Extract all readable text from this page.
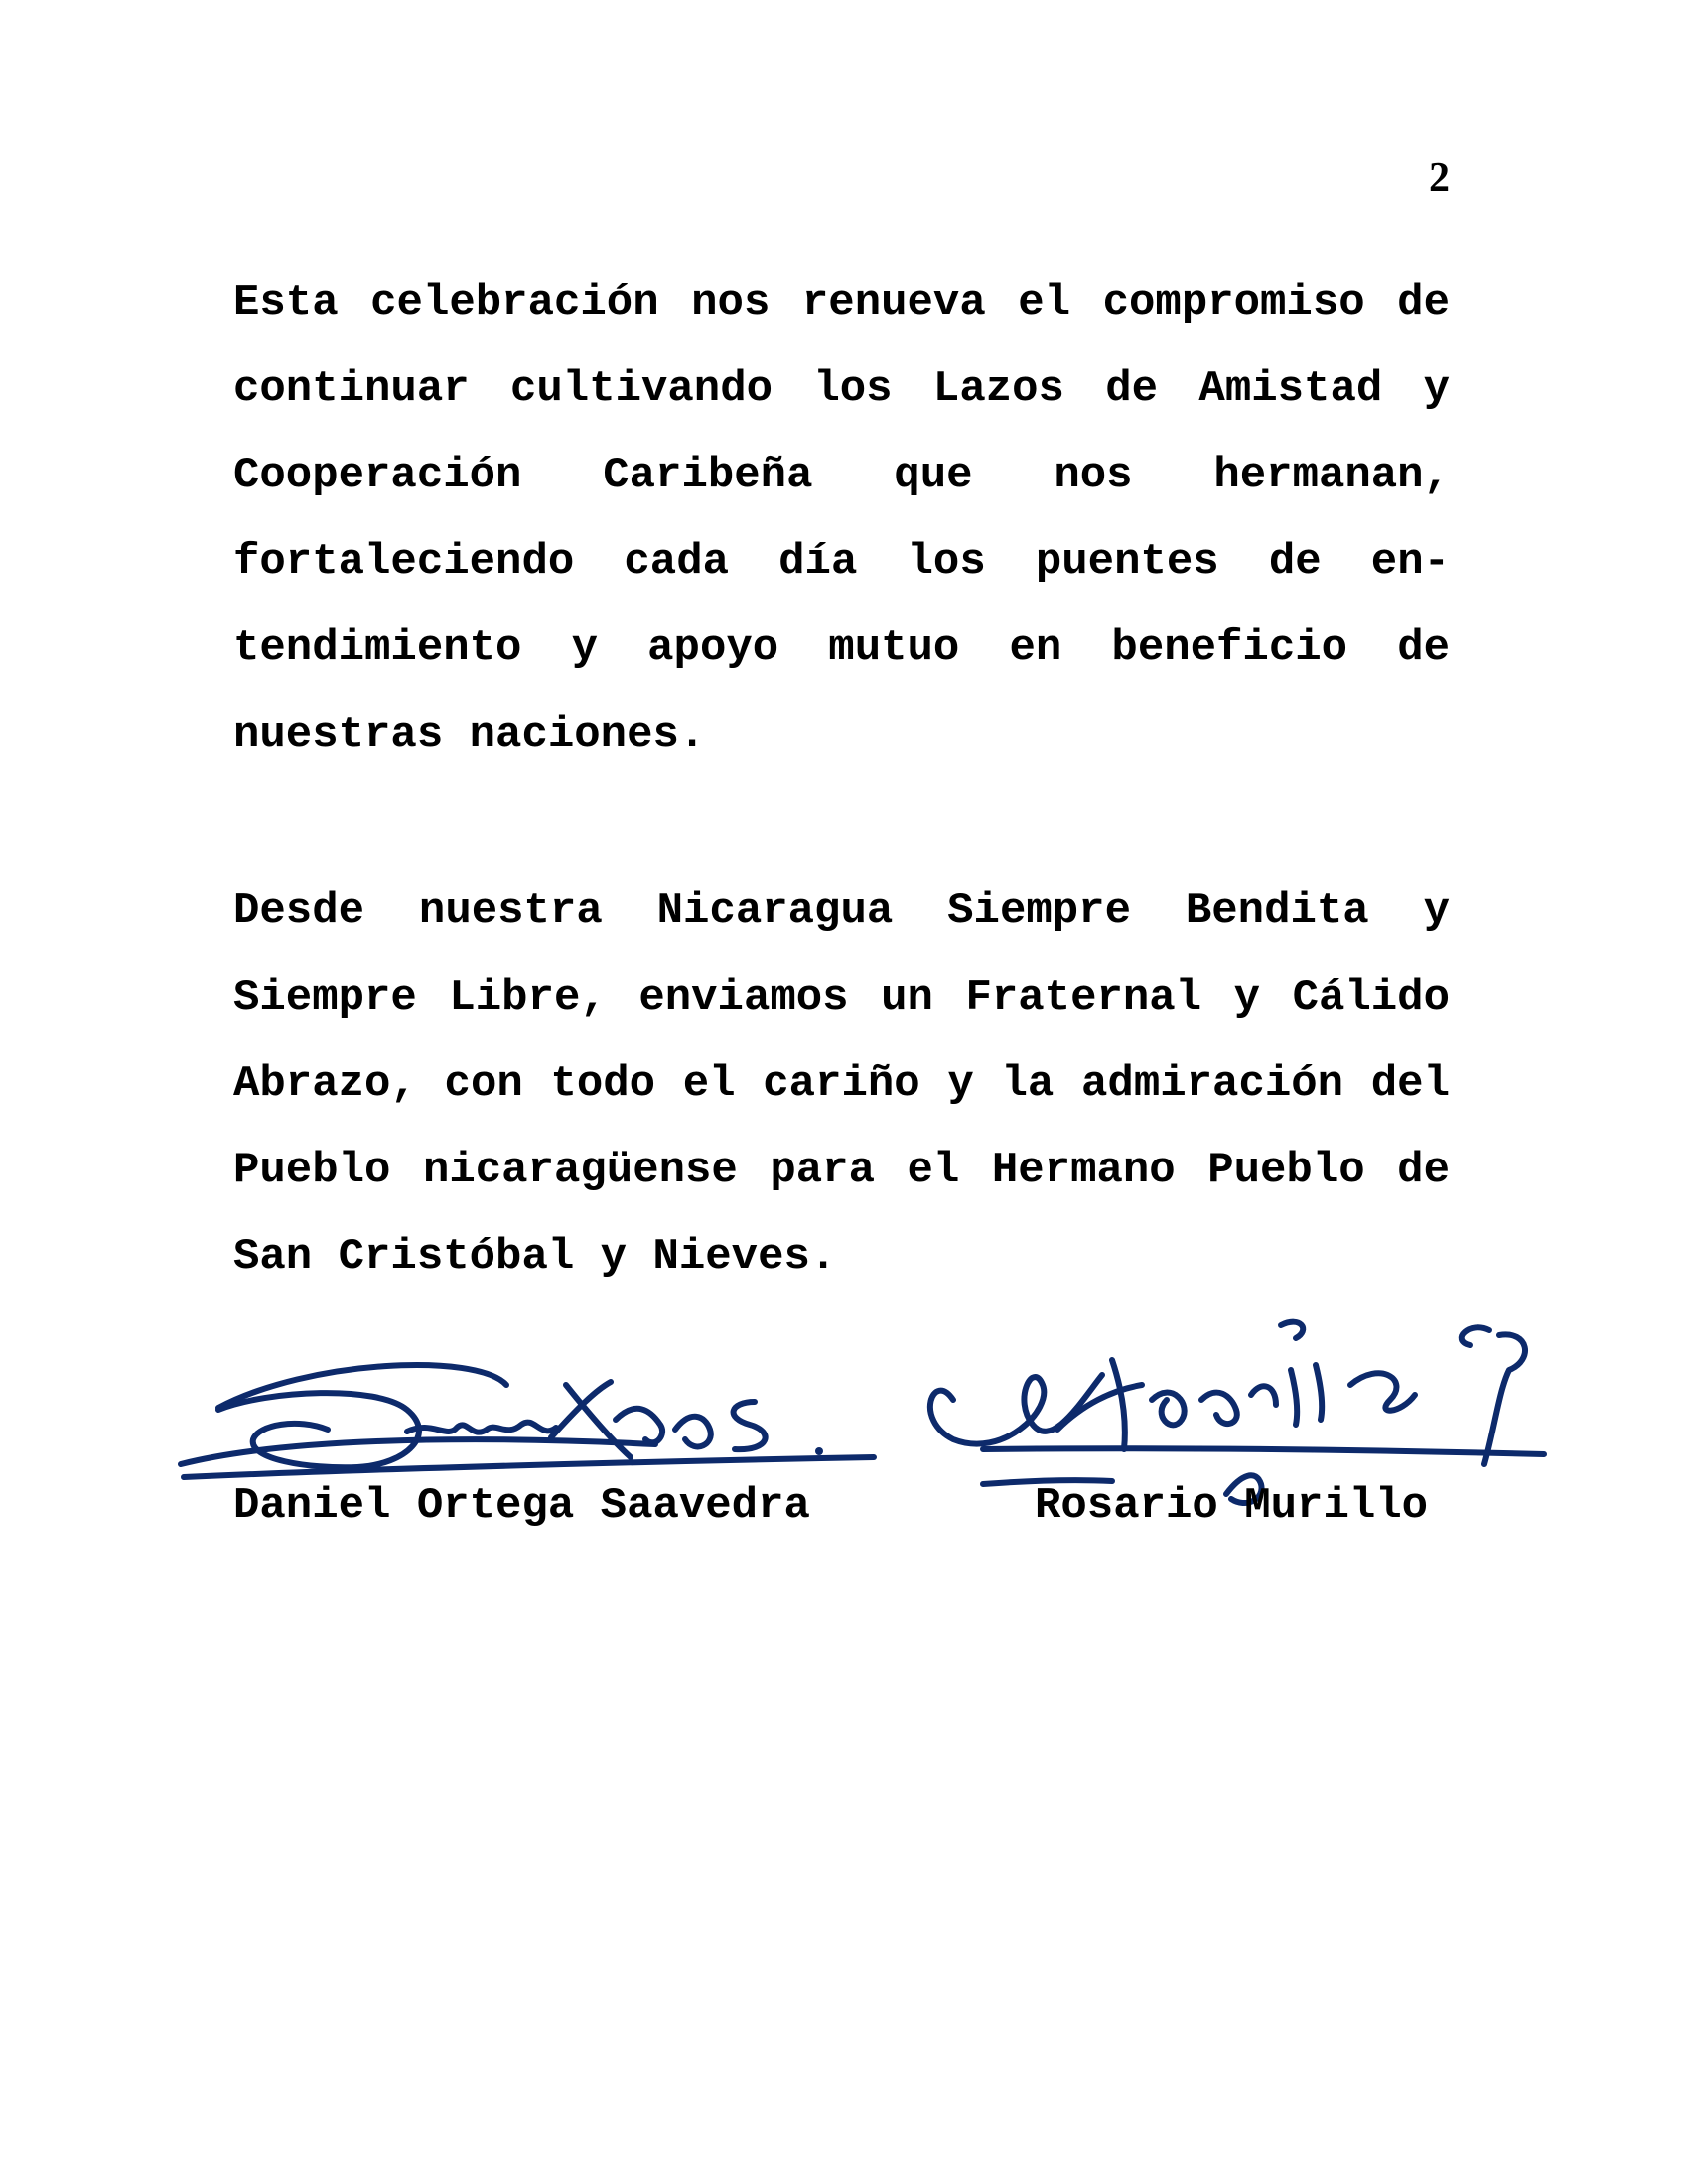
2

Esta celebración nos renueva el compromiso de continuar cultivando los Lazos de Amistad y Cooperación Caribeña que nos hermanan, fortaleciendo cada día los puentes de en-tendimiento y apoyo mutuo en beneficio de nuestras naciones.

Desde nuestra Nicaragua Siempre Bendita y Siempre Libre, enviamos un Fraternal y Cálido Abrazo, con todo el cariño y la admiración del Pueblo nicaragüense para el Hermano Pueblo de San Cristóbal y Nieves.

Daniel Ortega Saavedra	Rosario Murillo
